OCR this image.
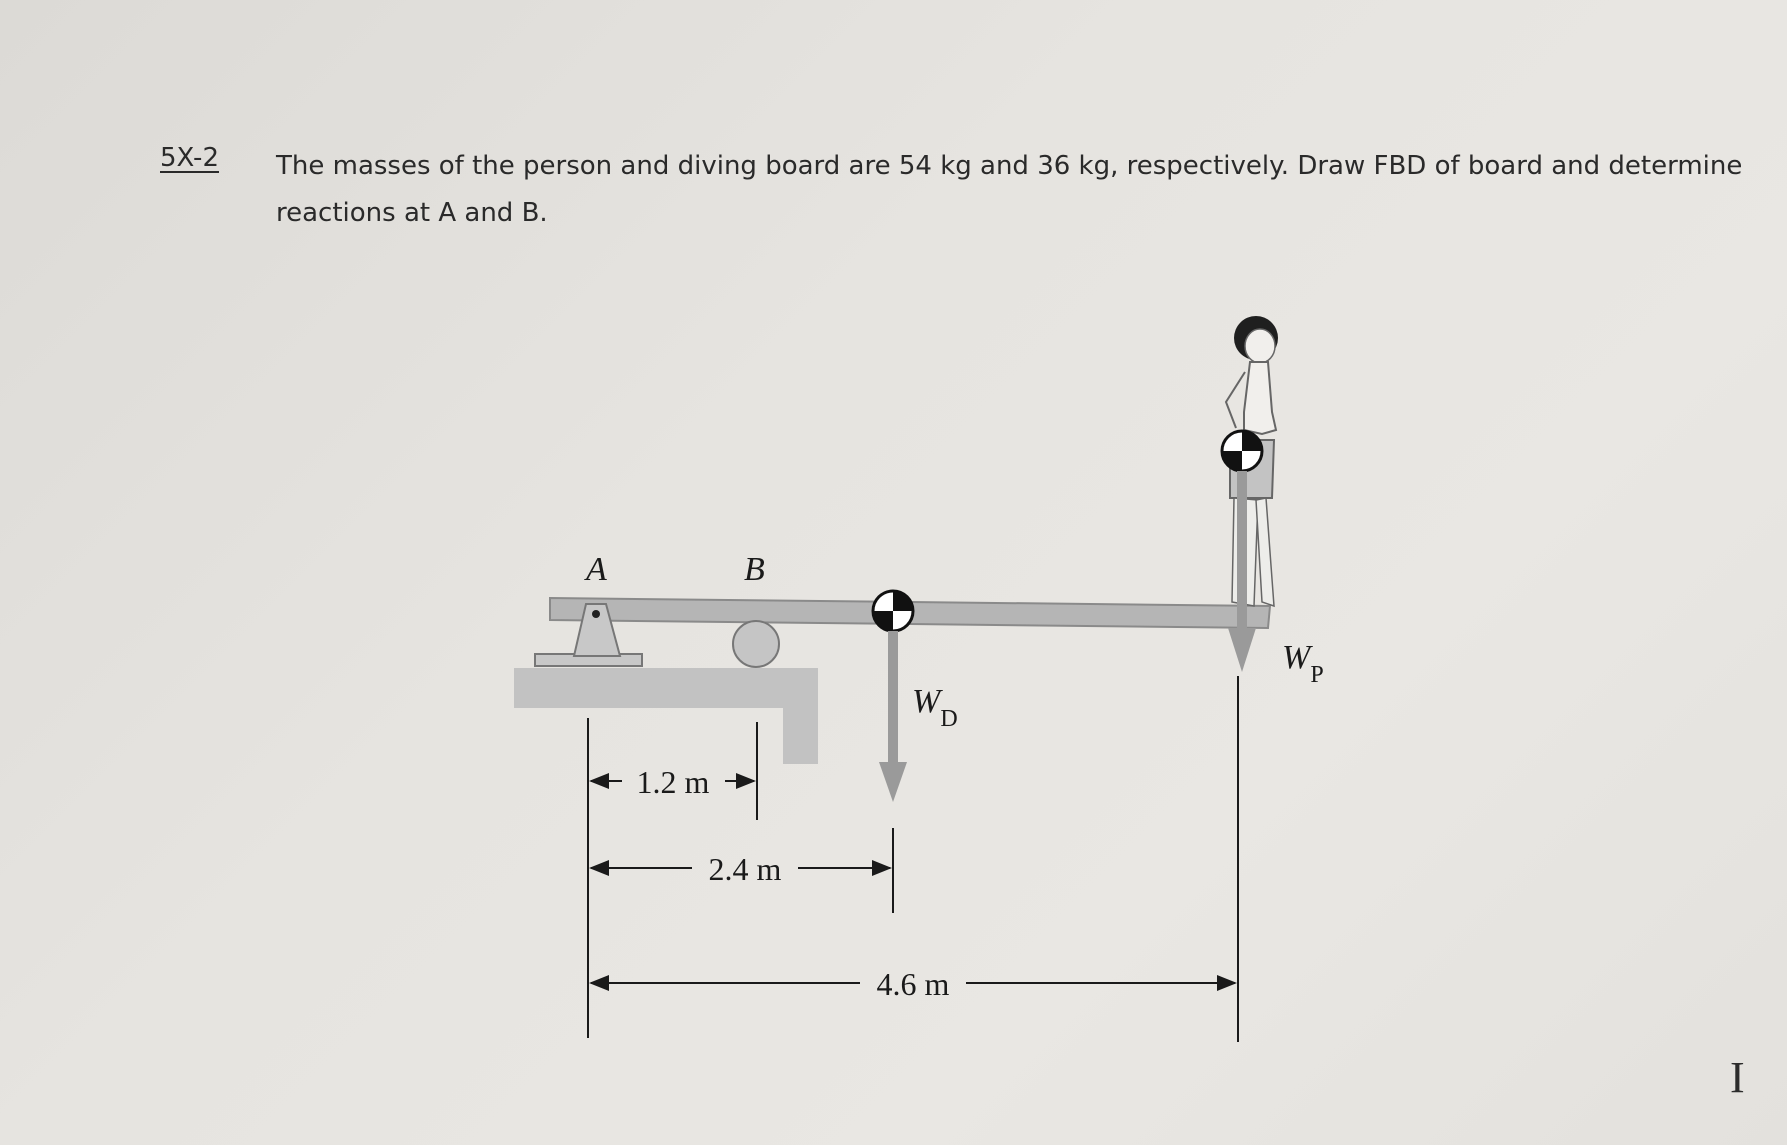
5X-2 The masses of the person and diving board are 54 kg and 36 kg, respectively. Draw FBD of board and determine reactions at A and B.

A	B
$W_D$
$W_P$
1.2 m
2.4 m
4.6 m
I
